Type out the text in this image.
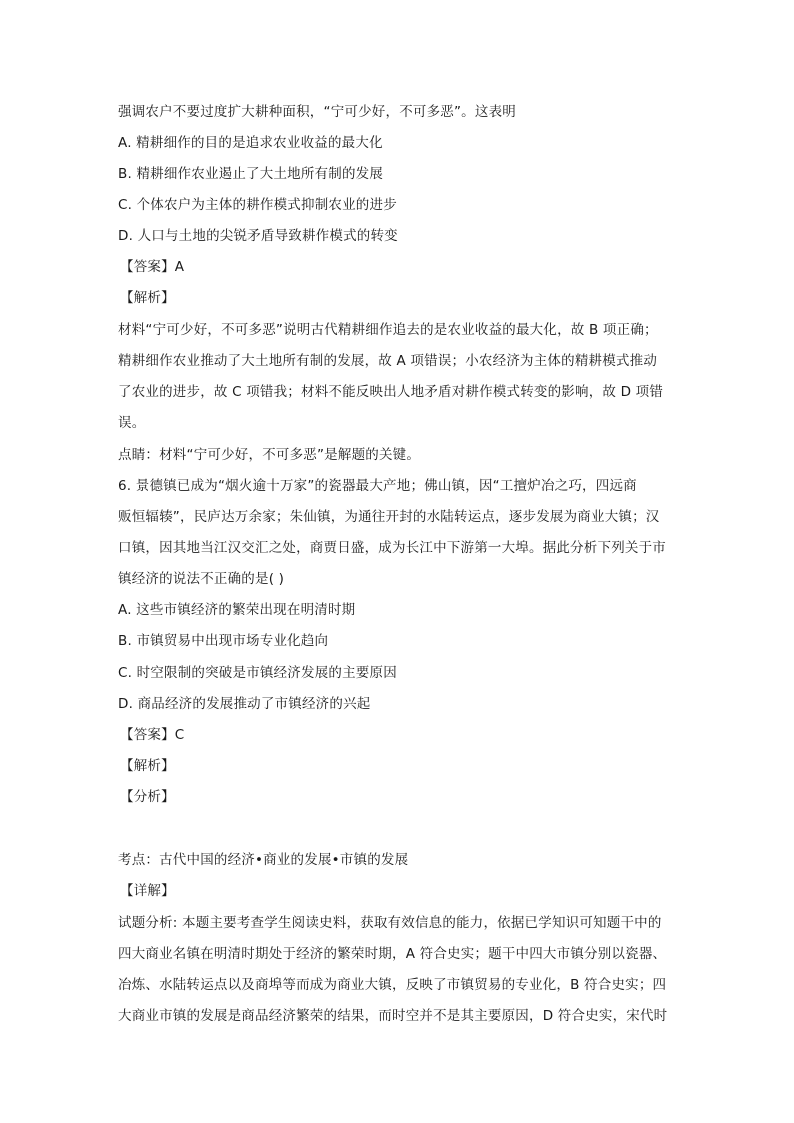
强调农户不要过度扩大耕种面积，“宁可少好，不可多恶”。这表明
A. 精耕细作的目的是追求农业收益的最大化
B. 精耕细作农业遏止了大土地所有制的发展
C. 个体农户为主体的耕作模式抑制农业的进步
D. 人口与土地的尖锐矛盾导致耕作模式的转变
【答案】A
【解析】
材料“宁可少好，不可多恶”说明古代精耕细作追去的是农业收益的最大化，故 B 项正确；
精耕细作农业推动了大土地所有制的发展，故 A 项错误；小农经济为主体的精耕模式推动
了农业的进步，故 C 项错我；材料不能反映出人地矛盾对耕作模式转变的影响，故 D 项错
误。
点睛：材料“宁可少好，不可多恶”是解题的关键。
6. 景德镇已成为“烟火逾十万家”的瓷器最大产地；佛山镇，因“工擅炉冶之巧，四远商
贩恒辐辏”，民庐达万余家；朱仙镇，为通往开封的水陆转运点，逐步发展为商业大镇；汉
口镇，因其地当江汉交汇之处，商贾日盛，成为长江中下游第一大埠。据此分析下列关于市
镇经济的说法不正确的是( )
A. 这些市镇经济的繁荣出现在明清时期
B. 市镇贸易中出现市场专业化趋向
C. 时空限制的突破是市镇经济发展的主要原因
D. 商品经济的发展推动了市镇经济的兴起
【答案】C
【解析】
【分析】
考点：古代中国的经济•商业的发展•市镇的发展
【详解】
试题分析: 本题主要考查学生阅读史料，获取有效信息的能力，依据已学知识可知题干中的
四大商业名镇在明清时期处于经济的繁荣时期，A 符合史实；题干中四大市镇分别以瓷器、
冶炼、水陆转运点以及商埠等而成为商业大镇，反映了市镇贸易的专业化，B 符合史实；四
大商业市镇的发展是商品经济繁荣的结果，而时空并不是其主要原因，D 符合史实，宋代时
